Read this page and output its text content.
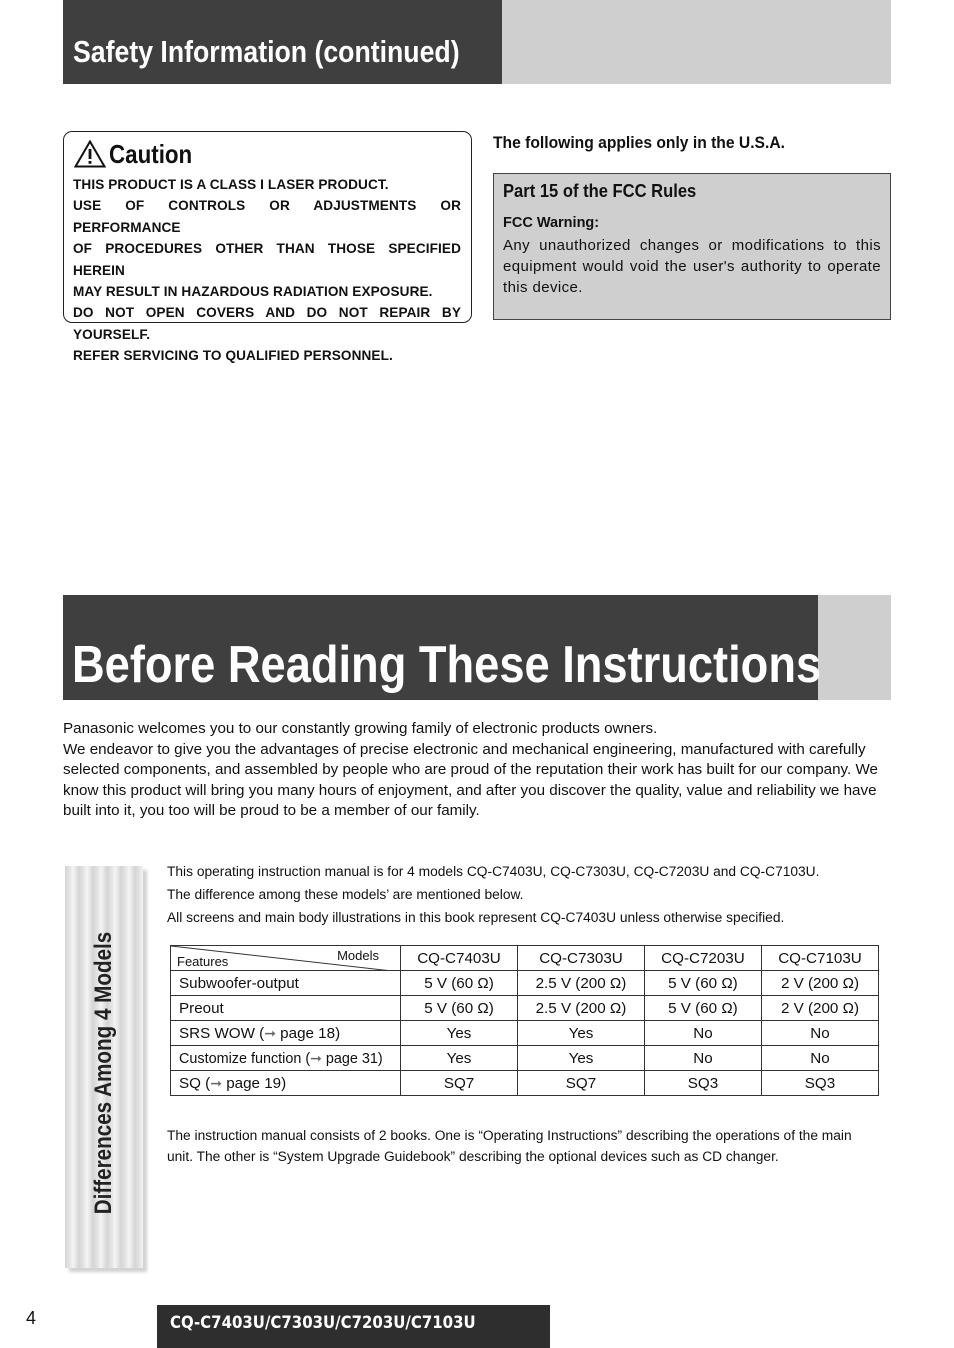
Safety Information (continued)
Caution
THIS PRODUCT IS A CLASS I LASER PRODUCT.
USE OF CONTROLS OR ADJUSTMENTS OR PERFORMANCE
OF PROCEDURES OTHER THAN THOSE SPECIFIED HEREIN
MAY RESULT IN HAZARDOUS RADIATION EXPOSURE.
DO NOT OPEN COVERS AND DO NOT REPAIR BY YOURSELF.
REFER SERVICING TO QUALIFIED PERSONNEL.
The following applies only in the U.S.A.
Part 15 of the FCC Rules
FCC Warning:
Any unauthorized changes or modifications to this equipment would void the user's authority to operate this device.
Before Reading These Instructions
Panasonic welcomes you to our constantly growing family of electronic products owners.
We endeavor to give you the advantages of precise electronic and mechanical engineering, manufactured with carefully selected components, and assembled by people who are proud of the reputation their work has built for our company. We know this product will bring you many hours of enjoyment, and after you discover the quality, value and reliability we have built into it, you too will be proud to be a member of our family.
Differences Among 4 Models
This operating instruction manual is for 4 models CQ-C7403U, CQ-C7303U, CQ-C7203U and CQ-C7103U.
The difference among these models’ are mentioned below.
All screens and main body illustrations in this book represent CQ-C7403U unless otherwise specified.
Models
Features	CQ-C7403U	CQ-C7303U	CQ-C7203U	CQ-C7103U
Subwoofer-output	5 V (60 Ω)	2.5 V (200 Ω)	5 V (60 Ω)	2 V (200 Ω)
Preout	5 V (60 Ω)	2.5 V (200 Ω)	5 V (60 Ω)	2 V (200 Ω)
SRS WOW (➞ page 18)	Yes	Yes	No	No
Customize function (➞ page 31)	Yes	Yes	No	No
SQ (➞ page 19)	SQ7	SQ7	SQ3	SQ3
The instruction manual consists of 2 books. One is “Operating Instructions” describing the operations of the main unit. The other is “System Upgrade Guidebook” describing the optional devices such as CD changer.
4	CQ-C7403U/C7303U/C7203U/C7103U
